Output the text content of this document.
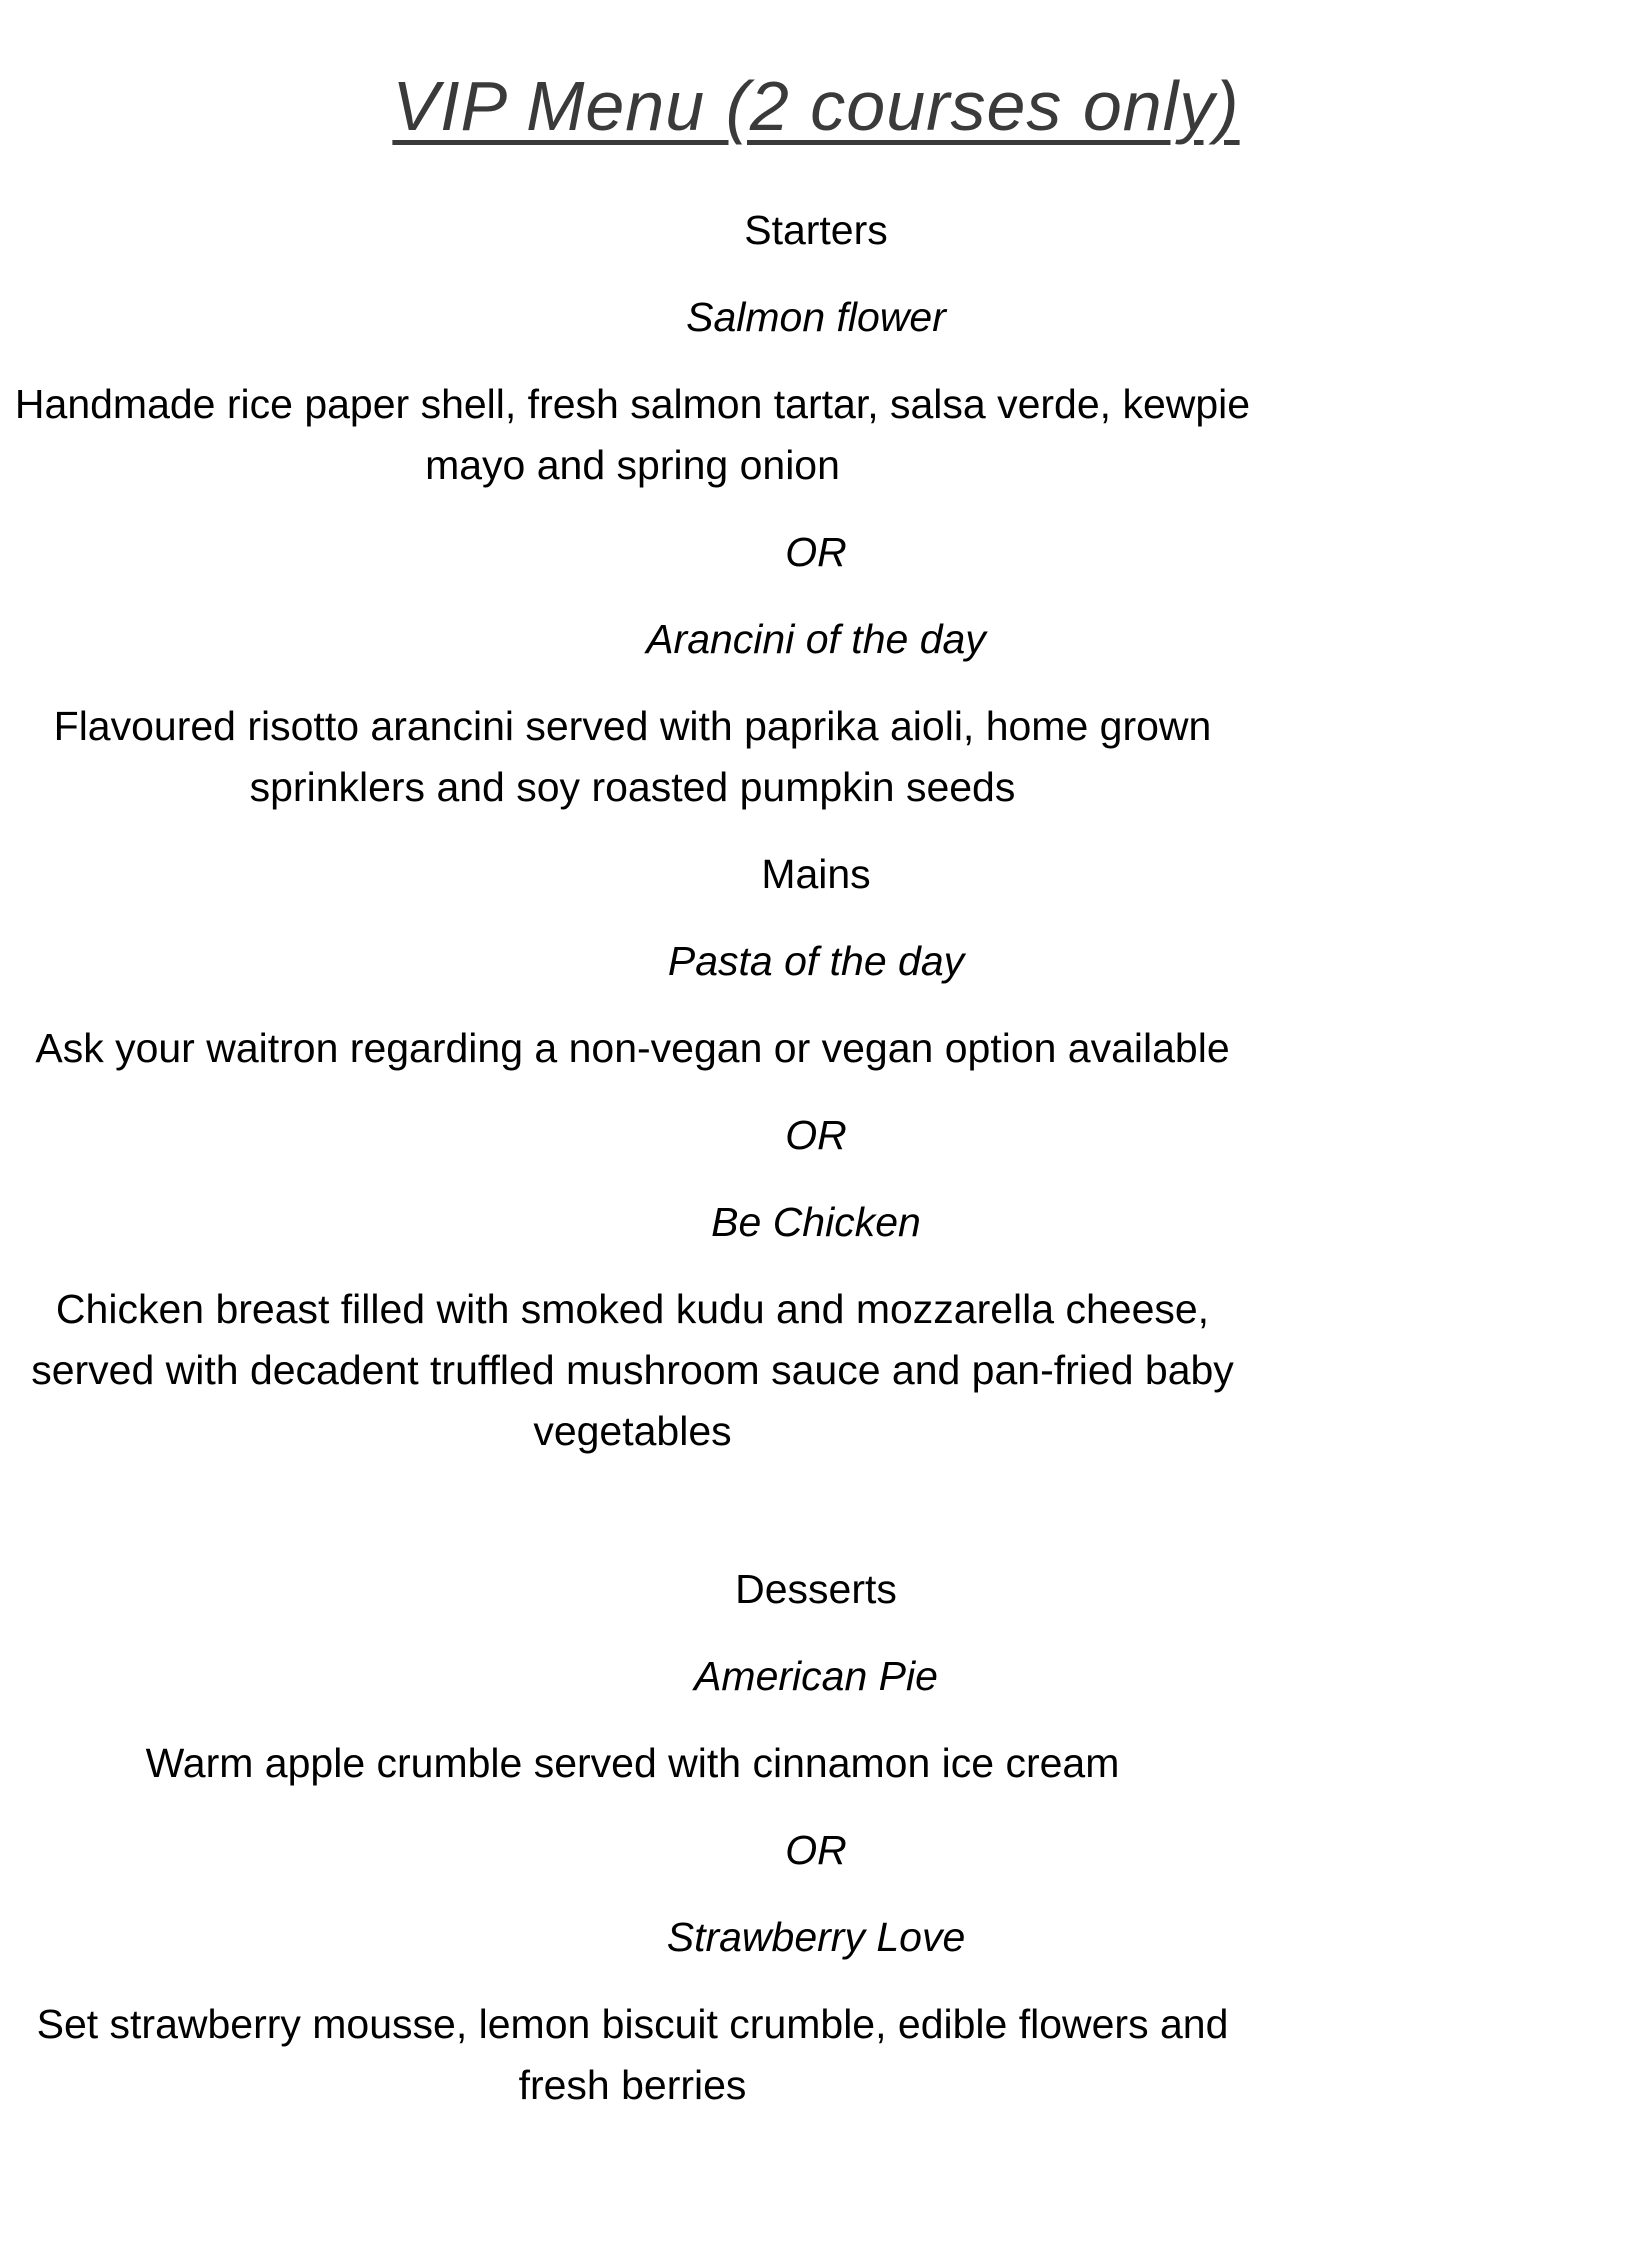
VIP Menu (2 courses only)
Starters
Salmon flower

Handmade rice paper shell, fresh salmon tartar, salsa verde, kewpie mayo and spring onion

OR

Arancini of the day

Flavoured risotto arancini served with paprika aioli, home grown sprinklers and soy roasted pumpkin seeds

Mains
Pasta of the day

Ask your waitron regarding a non-vegan or vegan option available

OR

Be Chicken

Chicken breast filled with smoked kudu and mozzarella cheese, served with decadent truffled mushroom sauce and pan-fried baby vegetables

Desserts
American Pie

Warm apple crumble served with cinnamon ice cream

OR

Strawberry Love

Set strawberry mousse, lemon biscuit crumble, edible flowers and fresh berries
